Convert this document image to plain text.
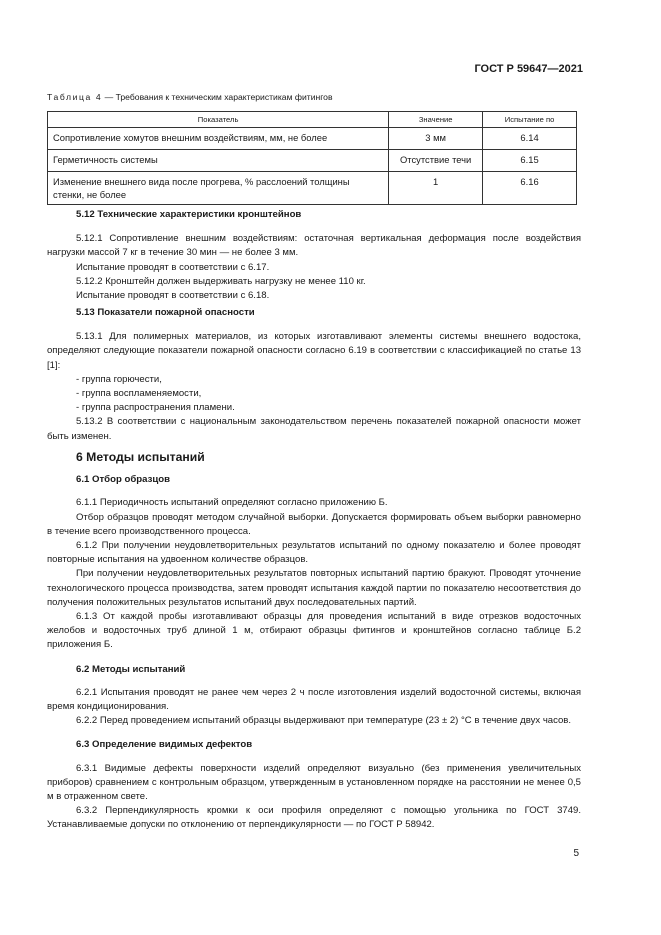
ГОСТ Р 59647—2021
Таблица 4 — Требования к техническим характеристикам фитингов
Показатель	Значение	Испытание по
Сопротивление хомутов внешним воздействиям, мм, не более	3 мм	6.14
Герметичность системы	Отсутствие течи	6.15
Изменение внешнего вида после прогрева, % расслоений толщины стенки, не более	1	6.16

5.12 Технические характеристики кронштейнов

5.12.1 Сопротивление внешним воздействиям: остаточная вертикальная деформация после воздействия нагрузки массой 7 кг в течение 30 мин — не более 3 мм.

Испытание проводят в соответствии с 6.17.

5.12.2 Кронштейн должен выдерживать нагрузку не менее 110 кг.

Испытание проводят в соответствии с 6.18.

5.13 Показатели пожарной опасности

5.13.1 Для полимерных материалов, из которых изготавливают элементы системы внешнего водостока, определяют следующие показатели пожарной опасности согласно 6.19 в соответствии с классификацией по статье 13 [1]:

- группа горючести,

- группа воспламеняемости,

- группа распространения пламени.

5.13.2 В соответствии с национальным законодательством перечень показателей пожарной опасности может быть изменен.

6 Методы испытаний

6.1 Отбор образцов

6.1.1 Периодичность испытаний определяют согласно приложению Б.

Отбор образцов проводят методом случайной выборки. Допускается формировать объем выборки равномерно в течение всего производственного процесса.

6.1.2 При получении неудовлетворительных результатов испытаний по одному показателю и более проводят повторные испытания на удвоенном количестве образцов.

При получении неудовлетворительных результатов повторных испытаний партию бракуют. Проводят уточнение технологического процесса производства, затем проводят испытания каждой партии по показателю несоответствия до получения положительных результатов испытаний двух последовательных партий.

6.1.3 От каждой пробы изготавливают образцы для проведения испытаний в виде отрезков водосточных желобов и водосточных труб длиной 1 м, отбирают образцы фитингов и кронштейнов согласно таблице Б.2 приложения Б.

6.2 Методы испытаний

6.2.1 Испытания проводят не ранее чем через 2 ч после изготовления изделий водосточной системы, включая время кондиционирования.

6.2.2 Перед проведением испытаний образцы выдерживают при температуре (23 ± 2) °С в течение двух часов.

6.3 Определение видимых дефектов

6.3.1 Видимые дефекты поверхности изделий определяют визуально (без применения увеличительных приборов) сравнением с контрольным образцом, утвержденным в установленном порядке на расстоянии не менее 0,5 м в отраженном свете.

6.3.2 Перпендикулярность кромки к оси профиля определяют с помощью угольника по ГОСТ 3749. Устанавливаемые допуски по отклонению от перпендикулярности — по ГОСТ Р 58942.

5
